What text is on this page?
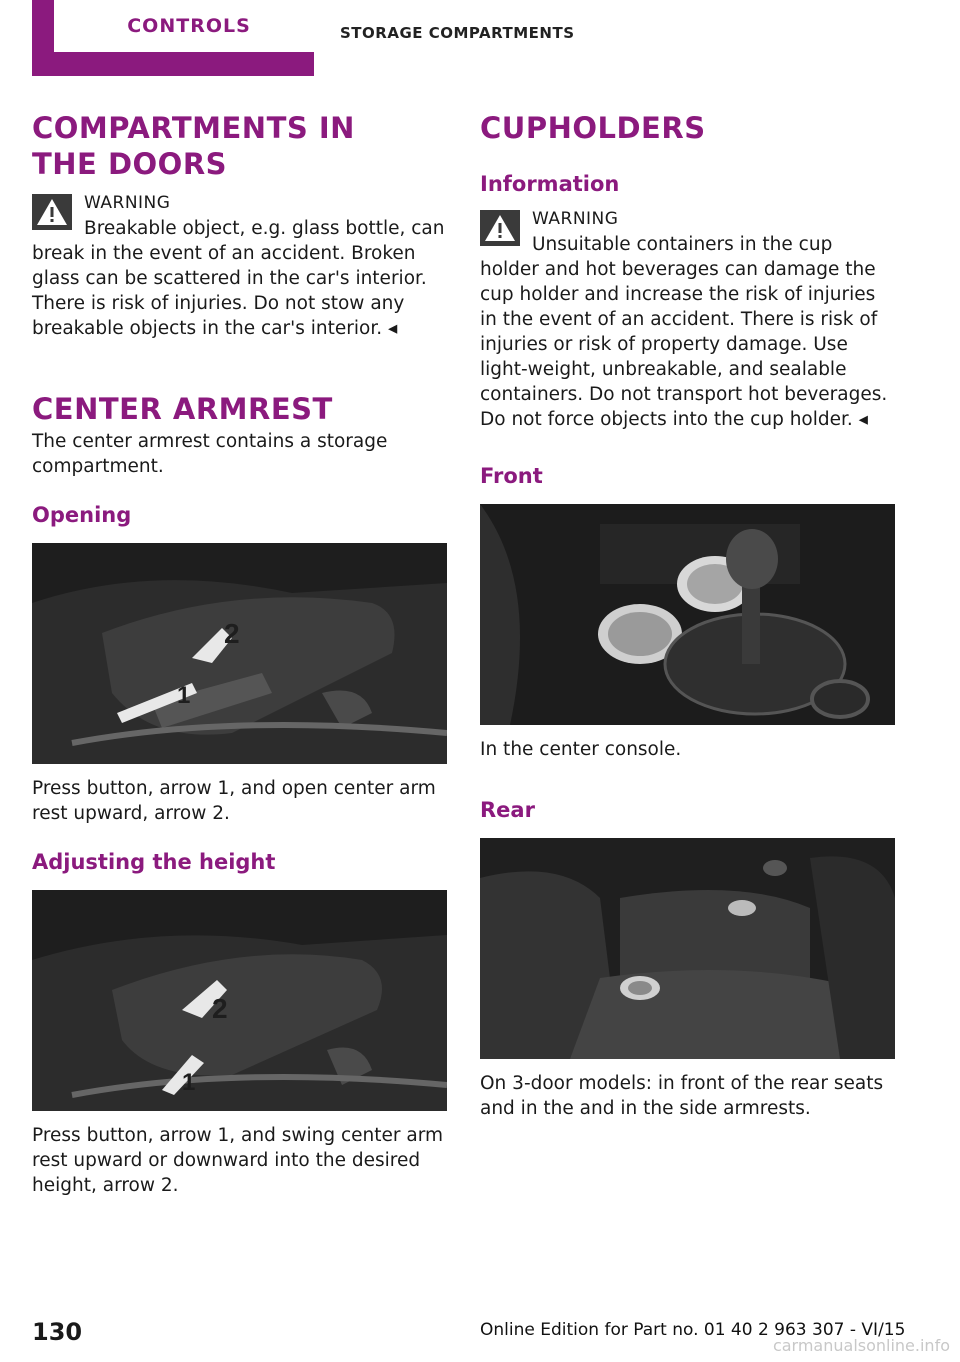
CONTROLS	STORAGE COMPARTMENTS
COMPARTMENTS IN THE DOORS
WARNING

Breakable object, e.g. glass bottle, can break in the event of an accident. Broken glass can be scattered in the car's interior. There is risk of injuries. Do not stow any breakable objects in the car's interior. ◂

CENTER ARMREST

The center armrest contains a storage compartment.

Opening
2
1

Press button, arrow 1, and open center arm rest upward, arrow 2.

Adjusting the height
2
1

Press button, arrow 1, and swing center arm rest upward or downward into the desired height, arrow 2.

CUPHOLDERS
Information
WARNING

Unsuitable containers in the cup holder and hot beverages can damage the cup holder and increase the risk of injuries in the event of an accident. There is risk of injuries or risk of property damage. Use light-weight, unbreakable, and sealable containers. Do not transport hot beverages. Do not force objects into the cup holder. ◂

Front

In the center console.

Rear

On 3-door models: in front of the rear seats and in the and in the side armrests.

130	Online Edition for Part no. 01 40 2 963 307 - VI/15
carmanualsonline.info
